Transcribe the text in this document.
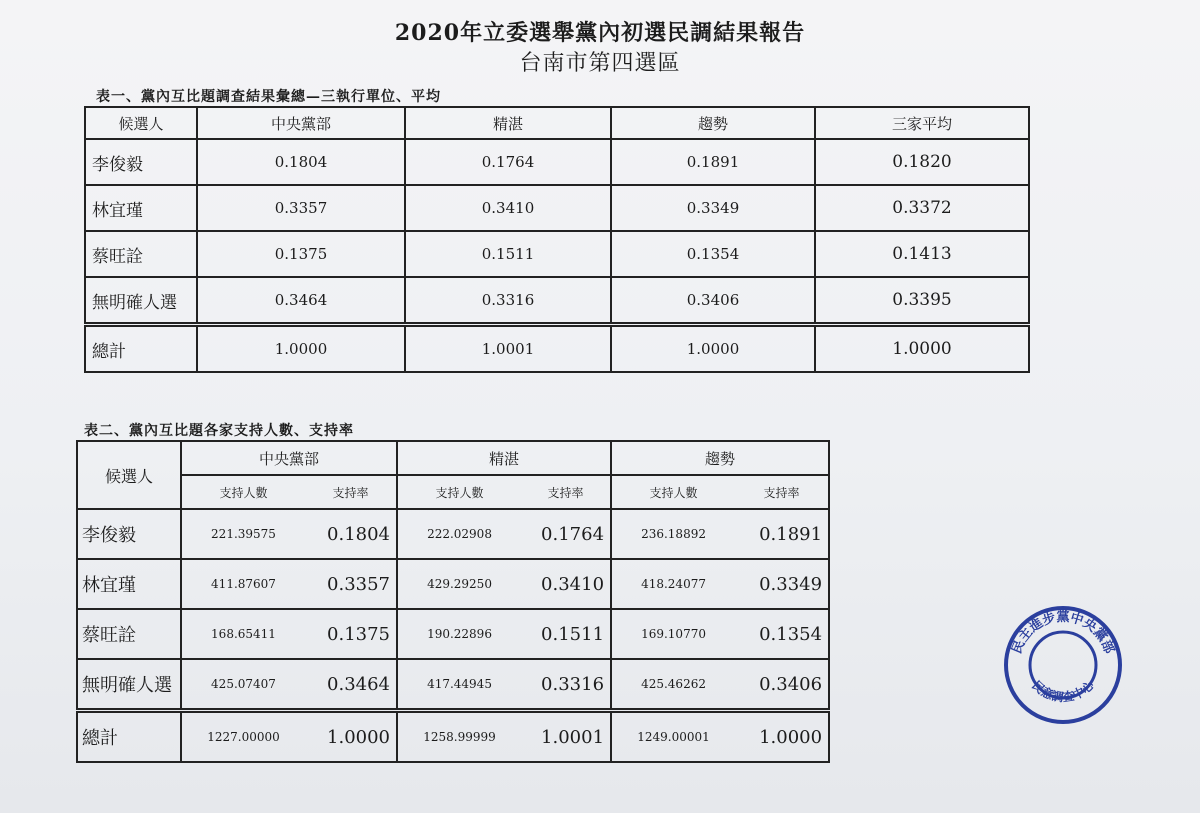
2020年立委選舉黨內初選民調結果報告
台南市第四選區
表一、黨內互比題調查結果彙總—三執行單位、平均
候選人	中央黨部	精湛	趨勢	三家平均
李俊毅	0.1804	0.1764	0.1891	0.1820
林宜瑾	0.3357	0.3410	0.3349	0.3372
蔡旺詮	0.1375	0.1511	0.1354	0.1413
無明確人選	0.3464	0.3316	0.3406	0.3395
總計	1.0000	1.0001	1.0000	1.0000
表二、黨內互比題各家支持人數、支持率
候選人	中央黨部		精湛		趨勢	
	支持人數	支持率	支持人數	支持率	支持人數	支持率
李俊毅	221.39575	0.1804	222.02908	0.1764	236.18892	0.1891
林宜瑾	411.87607	0.3357	429.29250	0.3410	418.24077	0.3349
蔡旺詮	168.65411	0.1375	190.22896	0.1511	169.10770	0.1354
無明確人選	425.07407	0.3464	417.44945	0.3316	425.46262	0.3406
總計	1227.00000	1.0000	1258.99999	1.0001	1249.00001	1.0000
民主進步黨中央黨部
民意調查中心
